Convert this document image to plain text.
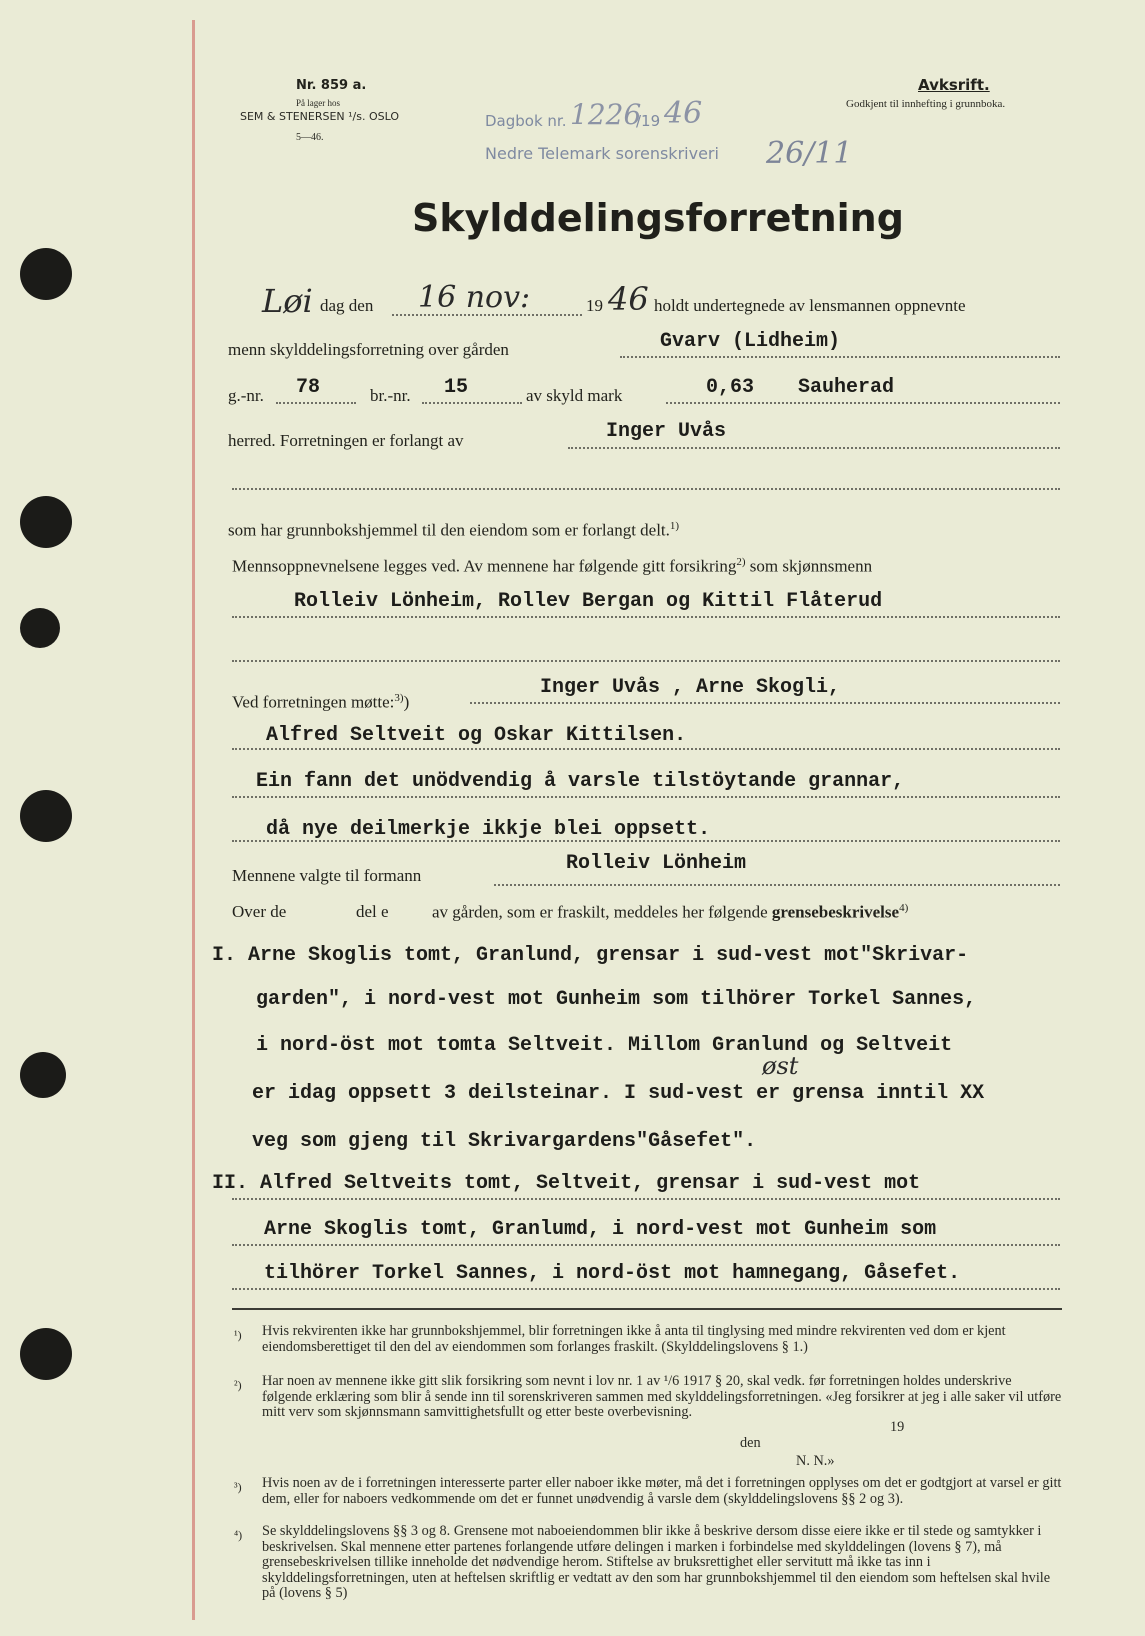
Nr. 859 a.
På lager hos
SEM & STENERSEN ¹/s. OSLO
5—46.
Avksrift.
Godkjent til innhefting i grunnboka.
Dagbok nr. 1226
/19 46
Nedre Telemark sorenskriveri 26/11
Skylddelingsforretning
Løi dag den 16 nov:	19 46 holdt undertegnede av lensmannen oppnevnte
menn skylddelingsforretning over gården	Gvarv (Lidheim)
g.-nr. 78	br.-nr. 15	av skyld mark	0,63 Sauherad
herred. Forretningen er forlangt av	Inger Uvås
som har grunnbokshjemmel til den eiendom som er forlangt delt.$^{1)}$
Mennsoppnevnelsene legges ved. Av mennene har følgende gitt forsikring$^{2)}$ som skjønnsmenn
Rolleiv Lönheim, Rollev Bergan og Kittil Flåterud
Ved forretningen møtte:$^{3)}$)
Inger Uvås , Arne Skogli,
Alfred Seltveit og Oskar Kittilsen.
Ein fann det unödvendig å varsle tilstöytande grannar,
då nye deilmerkje ikkje blei oppsett.
Mennene valgte til formann
Rolleiv Lönheim
Over de	del e	av gården, som er fraskilt, meddeles her følgende grensebeskrivelse$^{4)}$
I. Arne Skoglis tomt, Granlund, grensar i sud-vest mot"Skrivar-
garden", i nord-vest mot Gunheim som tilhörer Torkel Sannes,
i nord-öst mot tomta Seltveit. Millom Granlund og Seltveit
øst
er idag oppsett 3 deilsteinar. I sud-vest er grensa inntil XX
veg som gjeng til Skrivargardens"Gåsefet".
II. Alfred Seltveits tomt, Seltveit, grensar i sud-vest mot
Arne Skoglis tomt, Granlumd, i nord-vest mot Gunheim som
tilhörer Torkel Sannes, i nord-öst mot hamnegang, Gåsefet.
¹) Hvis rekvirenten ikke har grunnbokshjemmel, blir forretningen ikke å anta til tinglysing med mindre rekvirenten ved dom er kjent eiendomsberettiget til den del av eiendommen som forlanges fraskilt. (Skylddelingslovens § 1.)
²) Har noen av mennene ikke gitt slik forsikring som nevnt i lov nr. 1 av ¹/6 1917 § 20, skal vedk. før forretningen holdes underskrive følgende erklæring som blir å sende inn til sorenskriveren sammen med skylddelingsforretningen. «Jeg forsikrer at jeg i alle saker vil utføre mitt verv som skjønnsmann samvittighetsfullt og etter beste overbevisning.
den
19
N. N.»
³) Hvis noen av de i forretningen interesserte parter eller naboer ikke møter, må det i forretningen opplyses om det er godtgjort at varsel er gitt dem, eller for naboers vedkommende om det er funnet unødvendig å varsle dem (skylddelingslovens §§ 2 og 3).
⁴) Se skylddelingslovens §§ 3 og 8. Grensene mot naboeiendommen blir ikke å beskrive dersom disse eiere ikke er til stede og samtykker i beskrivelsen. Skal mennene etter partenes forlangende utføre delingen i marken i forbindelse med skylddelingen (lovens § 7), må grensebeskrivelsen tillike inneholde det nødvendige herom. Stiftelse av bruksrettighet eller servitutt må ikke tas inn i skylddelingsforretningen, uten at heftelsen skriftlig er vedtatt av den som har grunnbokshjemmel til den eiendom som heftelsen skal hvile på (lovens § 5)
